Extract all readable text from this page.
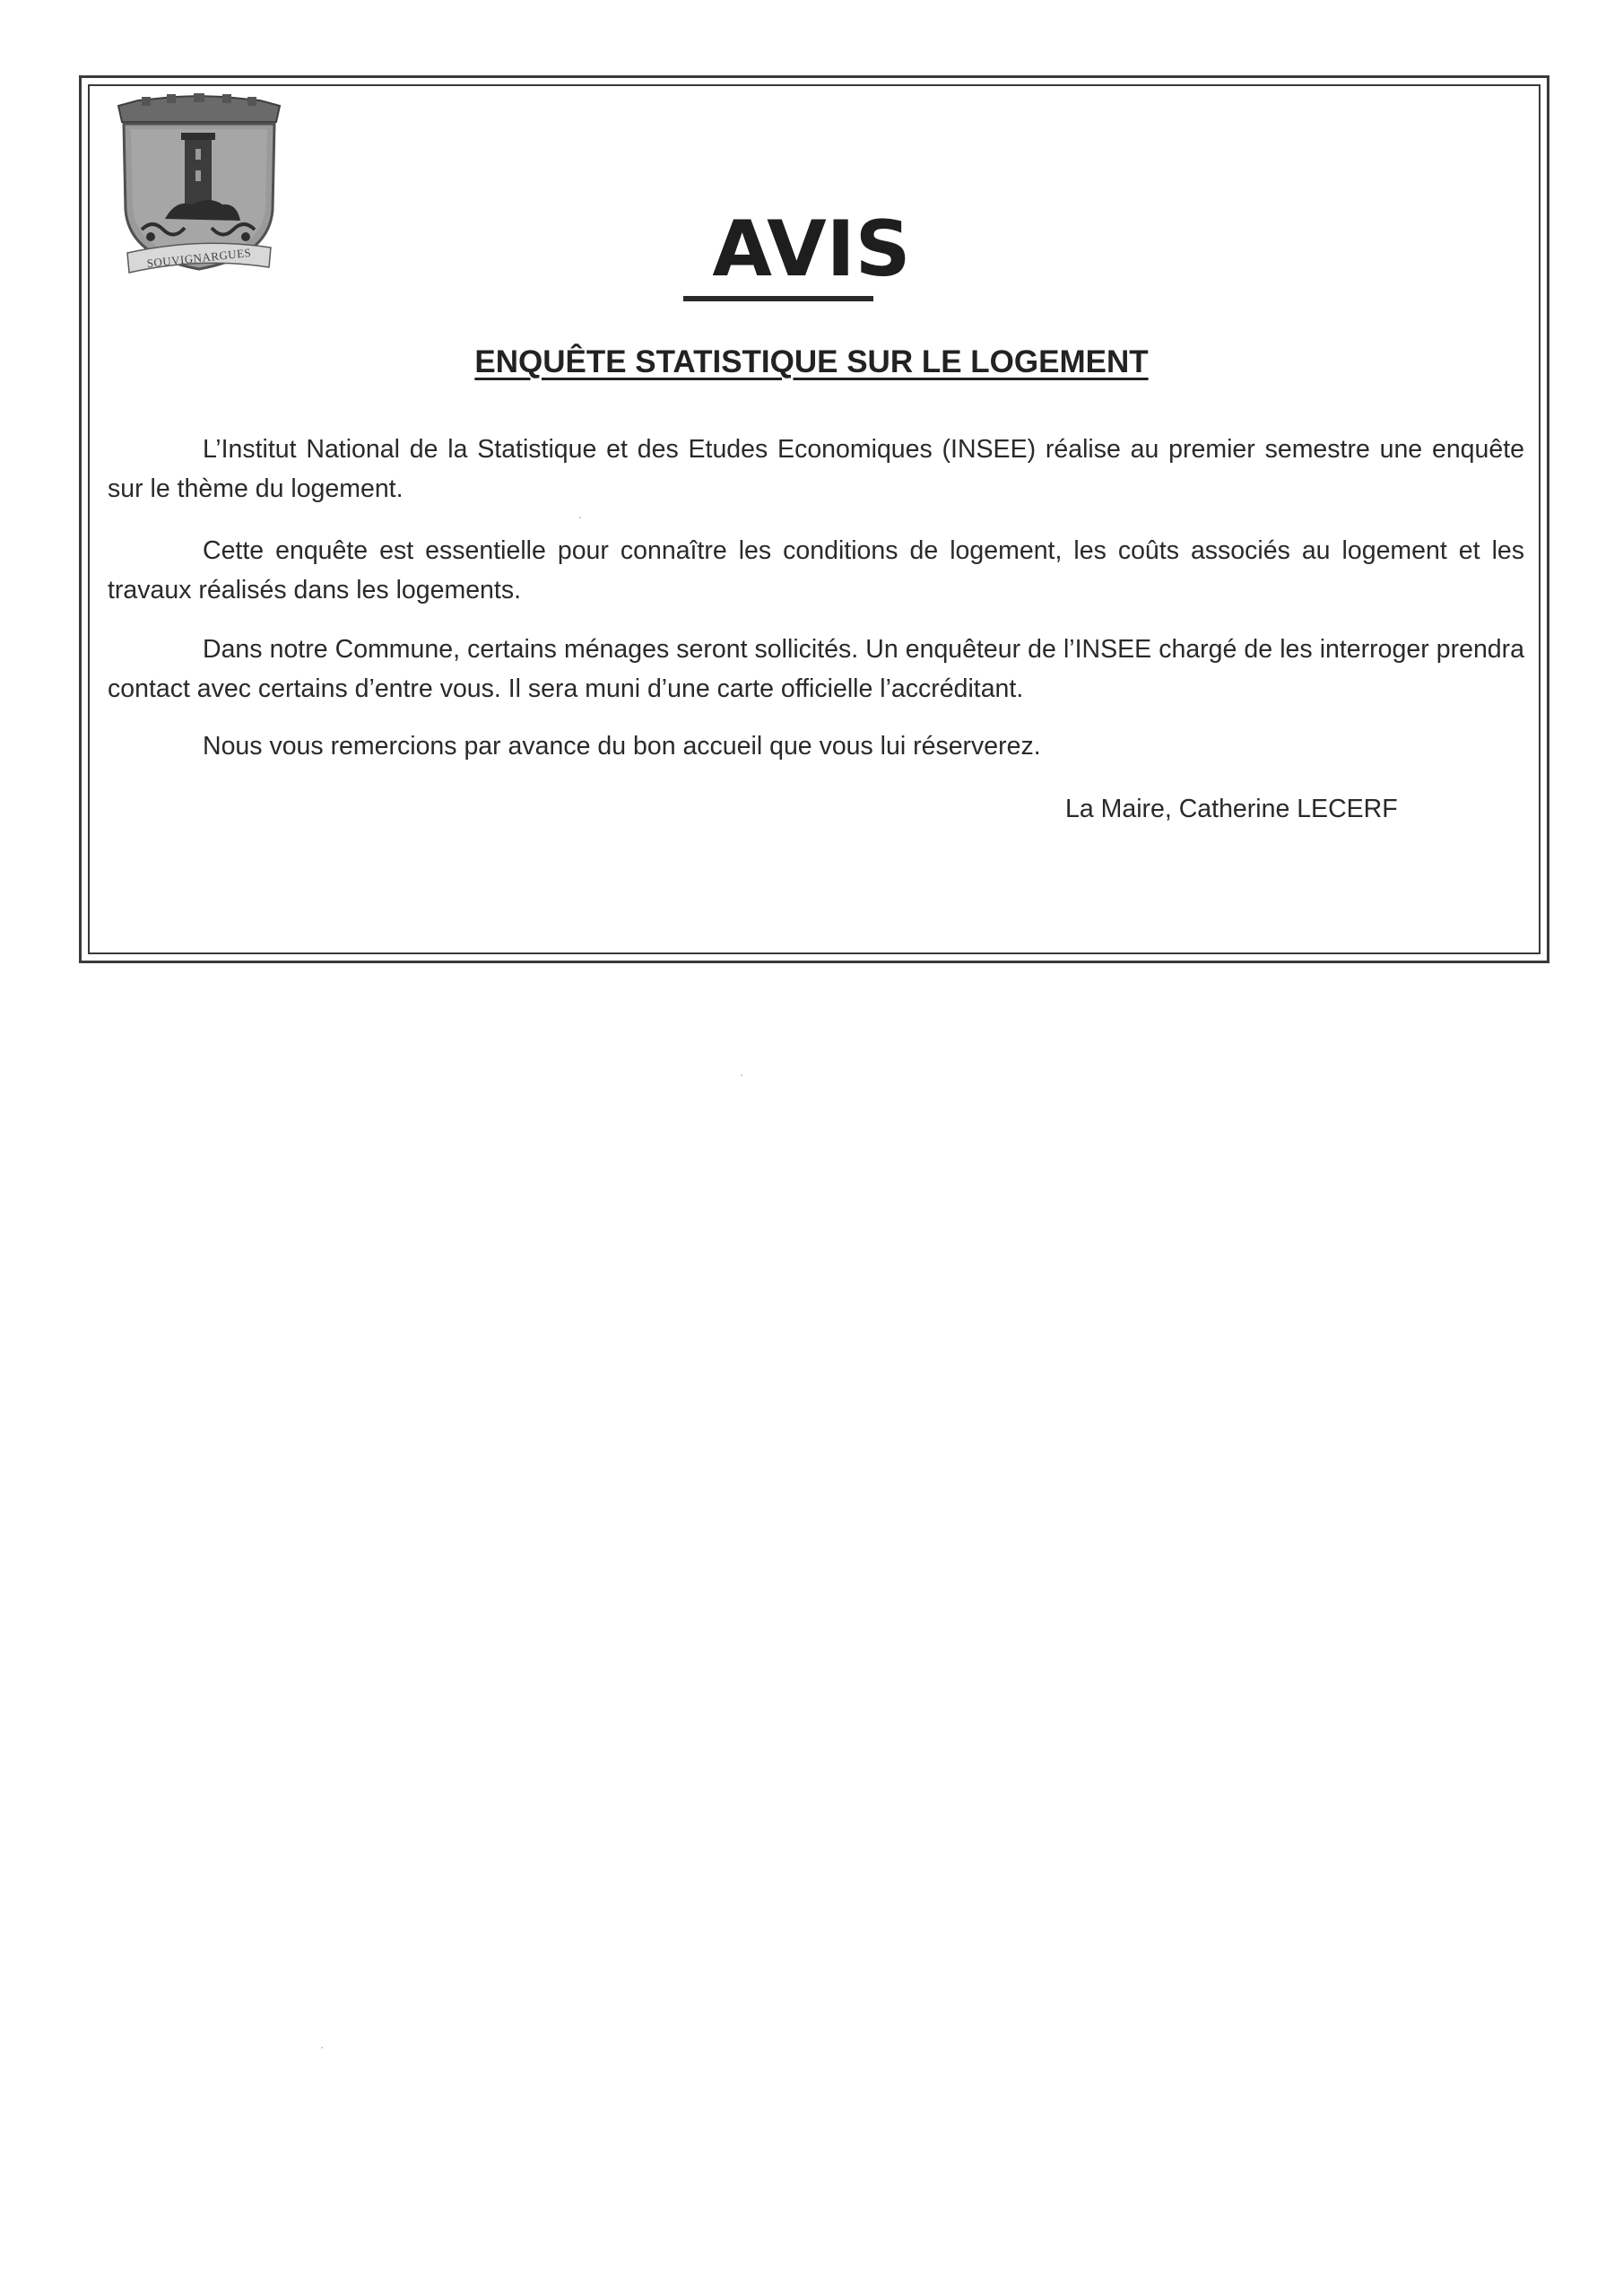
SOUVIGNARGUES	AVIS
ENQUÊTE STATISTIQUE SUR LE LOGEMENT

L’Institut National de la Statistique et des Etudes Economiques (INSEE) réalise au premier semestre une enquête sur le thème du logement.

Cette enquête est essentielle pour connaître les conditions de logement, les coûts associés au logement et les travaux réalisés dans les logements.

Dans notre Commune, certains ménages seront sollicités. Un enquêteur de l’INSEE chargé de les interroger prendra contact avec certains d’entre vous. Il sera muni d’une carte officielle l’accréditant.

Nous vous remercions par avance du bon accueil que vous lui réserverez.

La Maire, Catherine LECERF
